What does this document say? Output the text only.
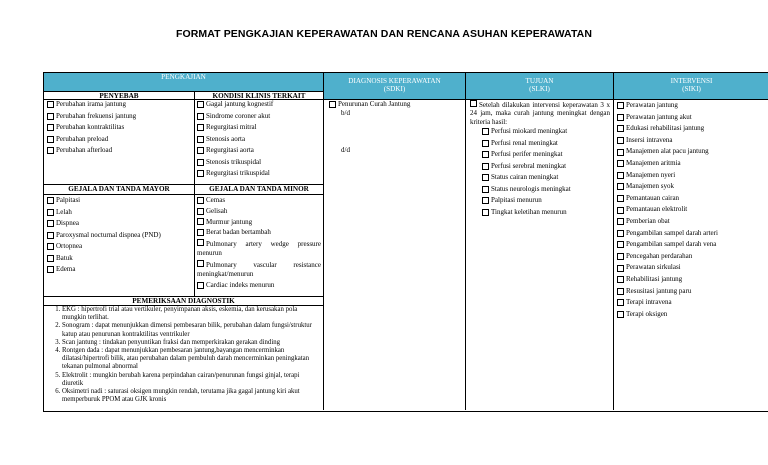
FORMAT PENGKAJIAN KEPERAWATAN DAN RENCANA ASUHAN KEPERAWATAN
PENGKAJIAN	DIAGNOSIS KEPERAWATAN
(SDKI)
TUJUAN
(SLKI)
INTERVENSI
(SIKI)
PENYEBAB
Perubahan irama jantung
Perubahan frekuensi jantung
Perubahan kontraktilitas
Perubahan preload
Perubahan afterload
KONDISI KLINIS TERKAIT
Gagal jantung kognestif
Sindrome coroner akut
Regurgitasi mitral
Stenosis aorta
Regurgitasi aorta
Stenosis trikuspidal
Regurgitasi trikuspidal
GEJALA DAN TANDA MAYOR
Palpitasi
Lelah
Dispnea
Paroxysmal nocturnal dispnea (PND)
Ortopnea
Batuk
Edema
GEJALA DAN TANDA MINOR
Cemas
Gelisah
Murmur jantung
Berat badan bertambah
Pulmonary artery wedge pressure menurun
Pulmonary vascular resistance meningkat/menurun
Cardiac indeks menurun
PEMERIKSAAN DIAGNOSTIK
1. EKG : hipertrofi trial atau vertikuler, penyimpanan aksis, eskemia, dan kerusakan pola mungkin terlihat.
2. Sonogram : dapat menunjukkan dimensi pembesaran bilik, perubahan dalam fungsi/struktur katup atau penurunan kontraktilitas ventrikuler
3. Scan jantung : tindakan penyuntikan fraksi dan memperkirakan gerakan dinding
4. Rontgen dada : dapat menunjukkan pembesaran jantung,bayangan mencerminkan dilatasi/hipertrofi bilik, atau perubahan dalam pembuluh darah mencerminkan peningkatan tekanan pulmonal abnormal
5. Elektrolit : mungkin berubah karena perpindahan cairan/penurunan fungsi ginjal, terapi diuretik
6. Oksimetri nadi : saturasi oksigen mungkin rendah, terutama jika gagal jantung kiri akut memperburuk PPOM atau GJK kronis
Penurunan Curah Jantung
b/d
d/d
Setelah dilakukan intervensi keperawatan 3 x 24 jam, maka curah jantung meningkat dengan kriteria hasil:
Perfusi miokard meningkat
Perfusi renal meningkat
Perfusi perifer meningkat
Perfusi serebral meningkat
Status cairan meningkat
Status neurologis meningkat
Palpitasi menurun
Tingkat keletihan menurun
Perawatan jantung
Perawatan jantung akut
Edukasi rehabilitasi jantung
Insersi intravena
Manajemen alat pacu jantung
Manajemen aritmia
Manajemen nyeri
Manajemen syok
Pemantauan cairan
Pemantauan elektrolit
Pemberian obat
Pengambilan sampel darah arteri
Pengambilan sampel darah vena
Pencegahan perdarahan
Perawatan sirkulasi
Rehabilitasi jantung
Resusitasi jantung paru
Terapi intravena
Terapi oksigen
